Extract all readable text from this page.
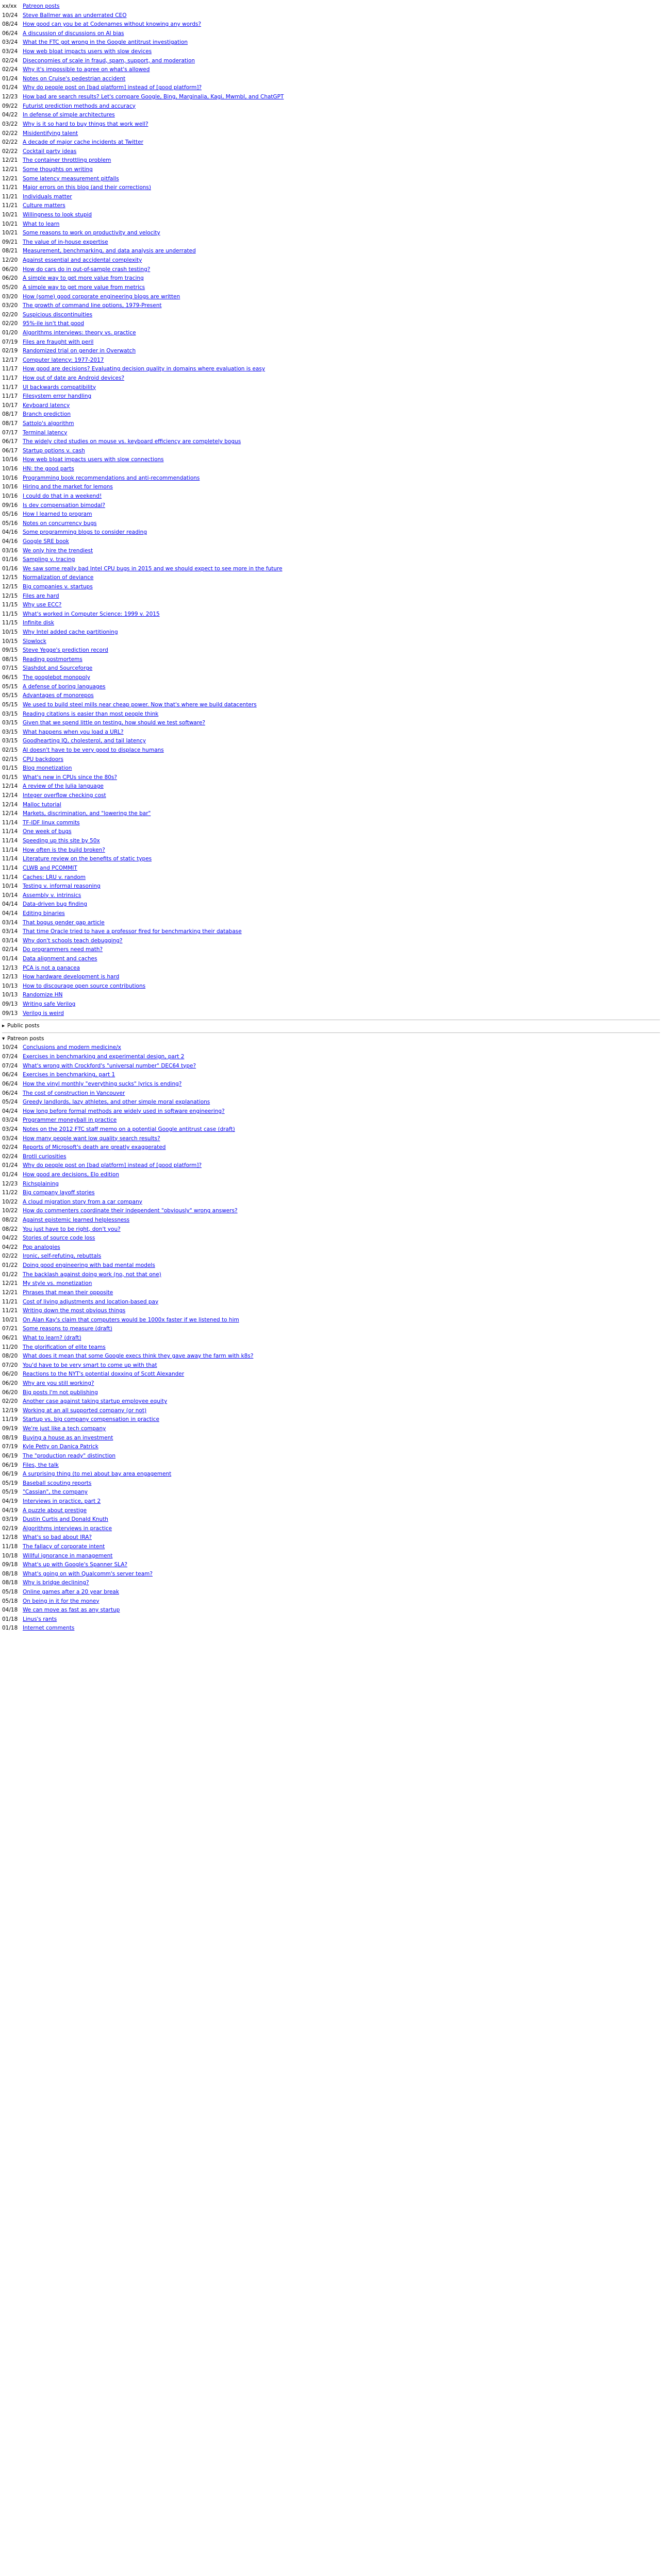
xx/xx Patreon posts
10/24 Steve Ballmer was an underrated CEO
08/24 How good can you be at Codenames without knowing any words?
06/24 A discussion of discussions on AI bias
03/24 What the FTC got wrong in the Google antitrust investigation
03/24 How web bloat impacts users with slow devices
02/24 Diseconomies of scale in fraud, spam, support, and moderation
02/24 Why it's impossible to agree on what's allowed
01/24 Notes on Cruise's pedestrian accident
01/24 Why do people post on [bad platform] instead of [good platform]?
12/23 How bad are search results? Let's compare Google, Bing, Marginalia, Kagi, Mwmbl, and ChatGPT
09/22 Futurist prediction methods and accuracy
04/22 In defense of simple architectures
03/22 Why is it so hard to buy things that work well?
02/22 Misidentifying talent
02/22 A decade of major cache incidents at Twitter
02/22 Cocktail party ideas
12/21 The container throttling problem
12/21 Some thoughts on writing
12/21 Some latency measurement pitfalls
11/21 Major errors on this blog (and their corrections)
11/21 Individuals matter
11/21 Culture matters
10/21 Willingness to look stupid
10/21 What to learn
10/21 Some reasons to work on productivity and velocity
09/21 The value of in-house expertise
08/21 Measurement, benchmarking, and data analysis are underrated
12/20 Against essential and accidental complexity
06/20 How do cars do in out-of-sample crash testing?
06/20 A simple way to get more value from tracing
05/20 A simple way to get more value from metrics
03/20 How (some) good corporate engineering blogs are written
03/20 The growth of command line options, 1979-Present
02/20 Suspicious discontinuities
02/20 95%-ile isn't that good
01/20 Algorithms interviews: theory vs. practice
07/19 Files are fraught with peril
02/19 Randomized trial on gender in Overwatch
12/17 Computer latency: 1977-2017
11/17 How good are decisions? Evaluating decision quality in domains where evaluation is easy
11/17 How out of date are Android devices?
11/17 UI backwards compatibility
11/17 Filesystem error handling
10/17 Keyboard latency
08/17 Branch prediction
08/17 Sattolo's algorithm
07/17 Terminal latency
06/17 The widely cited studies on mouse vs. keyboard efficiency are completely bogus
06/17 Startup options v. cash
10/16 How web bloat impacts users with slow connections
10/16 HN: the good parts
10/16 Programming book recommendations and anti-recommendations
10/16 Hiring and the market for lemons
10/16 I could do that in a weekend!
09/16 Is dev compensation bimodal?
05/16 How I learned to program
05/16 Notes on concurrency bugs
04/16 Some programming blogs to consider reading
04/16 Google SRE book
03/16 We only hire the trendiest
01/16 Sampling v. tracing
01/16 We saw some really bad Intel CPU bugs in 2015 and we should expect to see more in the future
12/15 Normalization of deviance
12/15 Big companies v. startups
12/15 Files are hard
11/15 Why use ECC?
11/15 What's worked in Computer Science: 1999 v. 2015
11/15 Infinite disk
10/15 Why Intel added cache partitioning
10/15 Slowlock
09/15 Steve Yegge's prediction record
08/15 Reading postmortems
07/15 Slashdot and Sourceforge
06/15 The googlebot monopoly
05/15 A defense of boring languages
05/15 Advantages of monorepos
05/15 We used to build steel mills near cheap power. Now that's where we build datacenters
03/15 Reading citations is easier than most people think
03/15 Given that we spend little on testing, how should we test software?
03/15 What happens when you load a URL?
03/15 Goodhearting IQ, cholesterol, and tail latency
02/15 AI doesn't have to be very good to displace humans
02/15 CPU backdoors
01/15 Blog monetization
01/15 What's new in CPUs since the 80s?
12/14 A review of the Julia language
12/14 Integer overflow checking cost
12/14 Malloc tutorial
12/14 Markets, discrimination, and "lowering the bar"
11/14 TF-IDF linux commits
11/14 One week of bugs
11/14 Speeding up this site by 50x
11/14 How often is the build broken?
11/14 Literature review on the benefits of static types
11/14 CLWB and PCOMMIT
11/14 Caches: LRU v. random
10/14 Testing v. informal reasoning
10/14 Assembly v. intrinsics
04/14 Data-driven bug finding
04/14 Editing binaries
03/14 That bogus gender gap article
03/14 That time Oracle tried to have a professor fired for benchmarking their database
03/14 Why don't schools teach debugging?
02/14 Do programmers need math?
01/14 Data alignment and caches
12/13 PCA is not a panacea
12/13 How hardware development is hard
10/13 How to discourage open source contributions
10/13 Randomize HN
09/13 Writing safe Verilog
09/13 Verilog is weird
▸ Public posts
▾ Patreon posts
10/24 Conclusions and modern medicine/x
07/24 Exercises in benchmarking and experimental design, part 2
07/24 What's wrong with Crockford's "universal number" DEC64 type?
06/24 Exercises in benchmarking, part 1
06/24 How the vinyl monthly "everything sucks" lyrics is ending?
06/24 The cost of construction in Vancouver
05/24 Greedy landlords, lazy athletes, and other simple moral explanations
04/24 How long before formal methods are widely used in software engineering?
03/24 Programmer moneyball in practice
03/24 Notes on the 2012 FTC staff memo on a potential Google antitrust case (draft)
03/24 How many people want low quality search results?
02/24 Reports of Microsoft's death are greatly exaggerated
02/24 Brotli curiosities
01/24 Why do people post on [bad platform] instead of [good platform]?
01/24 How good are decisions, Elo edition
12/23 Richsplaining
11/22 Big company layoff stories
10/22 A cloud migration story from a car company
10/22 How do commenters coordinate their independent "obviously" wrong answers?
08/22 Against epistemic learned helplessness
08/22 You just have to be right, don't you?
04/22 Stories of source code loss
04/22 Pop analogies
02/22 Ironic, self-refuting, rebuttals
01/22 Doing good engineering with bad mental models
01/22 The backlash against doing work (no, not that one)
12/21 My style vs. monetization
12/21 Phrases that mean their opposite
11/21 Cost of living adjustments and location-based pay
11/21 Writing down the most obvious things
10/21 On Alan Kay's claim that computers would be 1000x faster if we listened to him
07/21 Some reasons to measure (draft)
06/21 What to learn? (draft)
11/20 The glorification of elite teams
08/20 What does it mean that some Google execs think they gave away the farm with k8s?
07/20 You'd have to be very smart to come up with that
06/20 Reactions to the NYT's potential doxxing of Scott Alexander
06/20 Why are you still working?
06/20 Big posts I'm not publishing
02/20 Another case against taking startup employee equity
12/19 Working at an all supported company (or not)
11/19 Startup vs. big company compensation in practice
09/19 We're just like a tech company
08/19 Buying a house as an investment
07/19 Kyle Petty on Danica Patrick
06/19 The "production ready" distinction
06/19 Files, the talk
06/19 A surprising thing (to me) about bay area engagement
05/19 Baseball scouting reports
05/19 "Cassian", the company
04/19 Interviews in practice, part 2
04/19 A puzzle about prestige
03/19 Dustin Curtis and Donald Knuth
02/19 Algorithms interviews in practice
12/18 What's so bad about IRA?
11/18 The fallacy of corporate intent
10/18 Willful ignorance in management
09/18 What's up with Google's Spanner SLA?
08/18 What's going on with Qualcomm's server team?
08/18 Why is bridge declining?
05/18 Online games after a 20 year break
05/18 On being in it for the money
04/18 We can move as fast as any startup
01/18 Linus's rants
01/18 Internet comments
